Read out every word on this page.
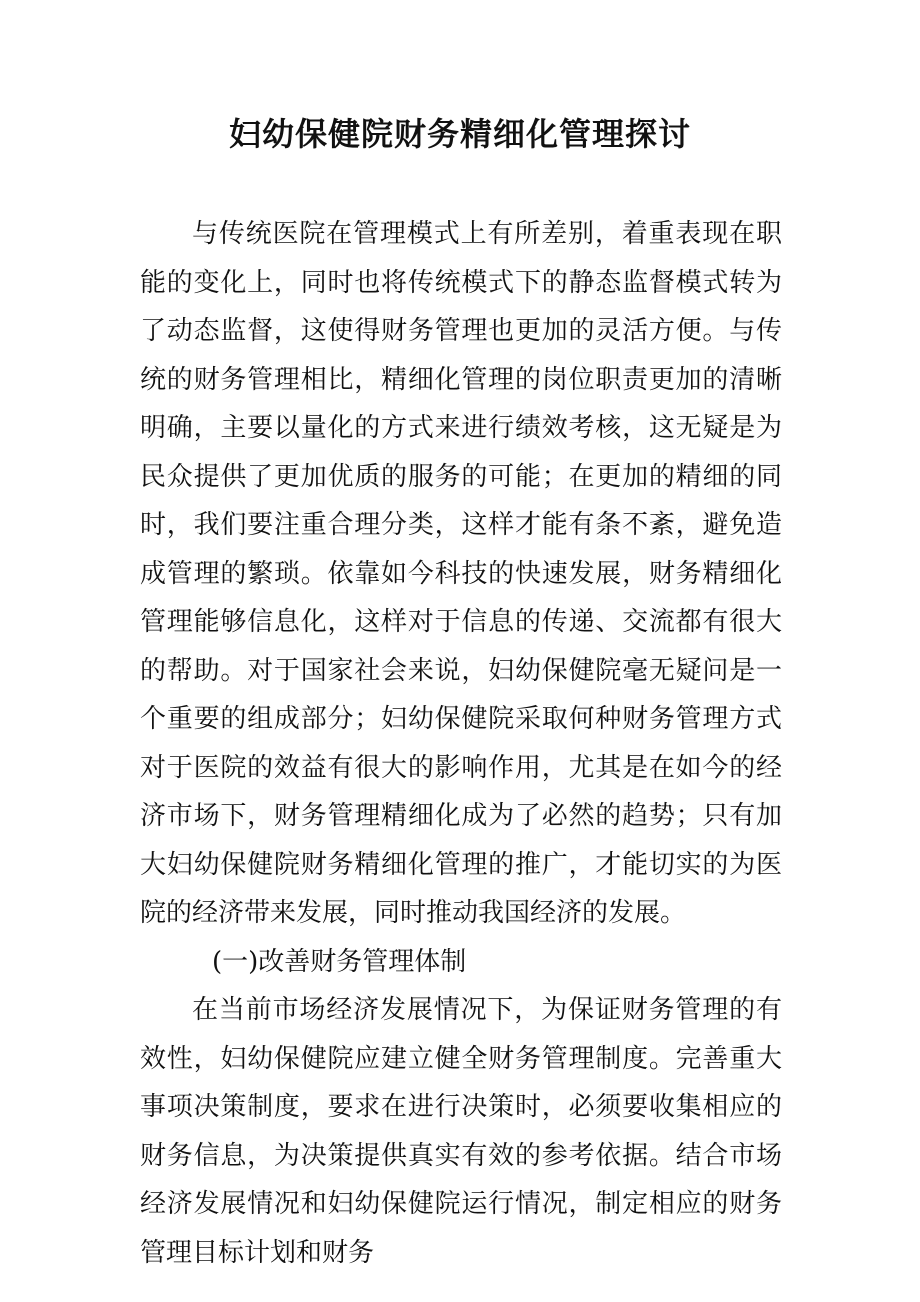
妇幼保健院财务精细化管理探讨

与传统医院在管理模式上有所差别，着重表现在职能的变化上，同时也将传统模式下的静态监督模式转为了动态监督，这使得财务管理也更加的灵活方便。与传统的财务管理相比，精细化管理的岗位职责更加的清晰明确，主要以量化的方式来进行绩效考核，这无疑是为民众提供了更加优质的服务的可能；在更加的精细的同时，我们要注重合理分类，这样才能有条不紊，避免造成管理的繁琐。依靠如今科技的快速发展，财务精细化管理能够信息化，这样对于信息的传递、交流都有很大的帮助。对于国家社会来说，妇幼保健院毫无疑问是一个重要的组成部分；妇幼保健院采取何种财务管理方式对于医院的效益有很大的影响作用，尤其是在如今的经济市场下，财务管理精细化成为了必然的趋势；只有加大妇幼保健院财务精细化管理的推广，才能切实的为医院的经济带来发展，同时推动我国经济的发展。

(一)改善财务管理体制

在当前市场经济发展情况下，为保证财务管理的有效性，妇幼保健院应建立健全财务管理制度。完善重大事项决策制度，要求在进行决策时，必须要收集相应的财务信息，为决策提供真实有效的参考依据。结合市场经济发展情况和妇幼保健院运行情况，制定相应的财务管理目标计划和财务
